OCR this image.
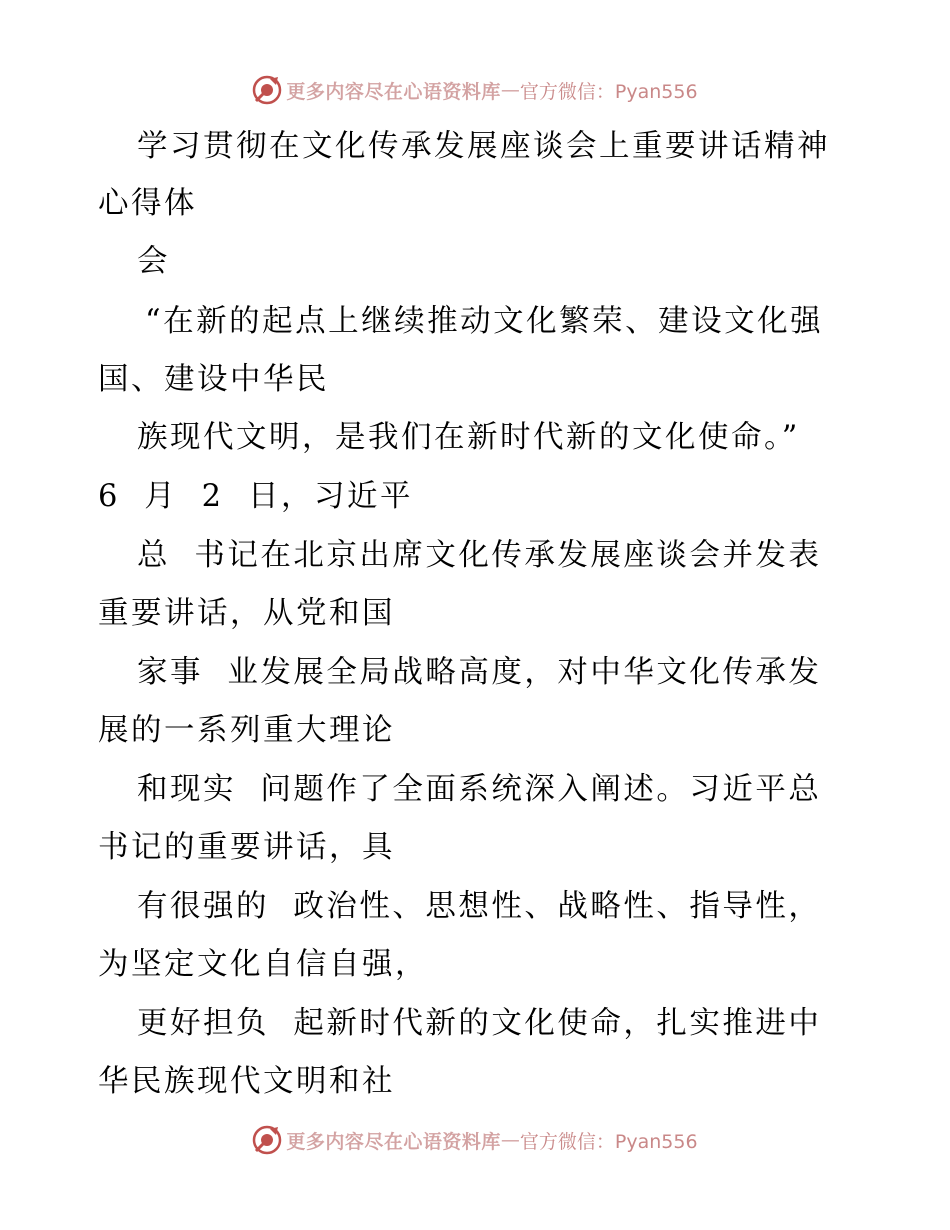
更多内容尽在心语资料库 — 官方微信：Pyan556
学习贯彻在文化传承发展座谈会上重要讲话精神
心得体
会
“在新的起点上继续推动文化繁荣、建设文化强
国、建设中华民
族现代文明，是我们在新时代新的文化使命。”
6  月  2  日，习近平
总  书记在北京出席文化传承发展座谈会并发表
重要讲话，从党和国
家事  业发展全局战略高度，对中华文化传承发
展的一系列重大理论
和现实  问题作了全面系统深入阐述。习近平总
书记的重要讲话，具
有很强的  政治性、思想性、战略性、指导性，
为坚定文化自信自强，
更好担负  起新时代新的文化使命，扎实推进中
华民族现代文明和社
更多内容尽在心语资料库 — 官方微信：Pyan556
